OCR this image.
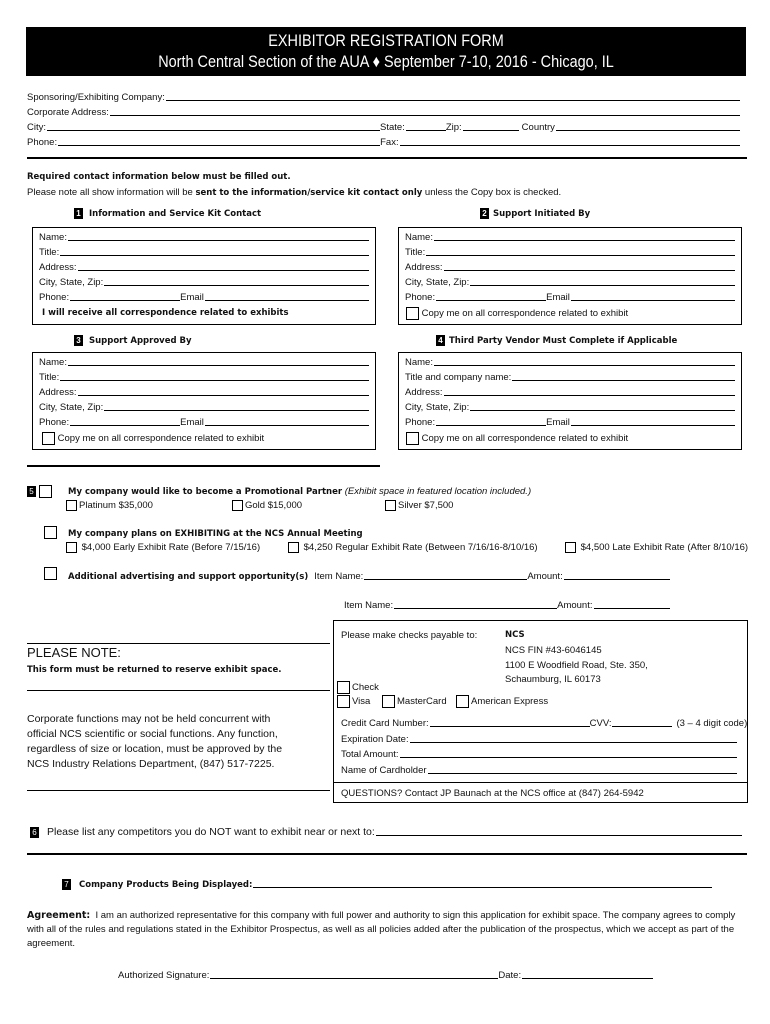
EXHIBITOR REGISTRATION FORM
North Central Section of the AUA ♦ September 7-10, 2016 - Chicago, IL
Sponsoring/Exhibiting Company:
Corporate Address:
City:	State:	Zip:	Country
Phone:	Fax:
Required contact information below must be filled out.
Please note all show information will be sent to the information/service kit contact only unless the Copy box is checked.
1 Information and Service Kit Contact
Name:
Title:
Address:
City, State, Zip:
Phone:	Email
I will receive all correspondence related to exhibits
2 Support Initiated By
Name:
Title:
Address:
City, State, Zip:
Phone:	Email
Copy me on all correspondence related to exhibit
3 Support Approved By
Name:
Title:
Address:
City, State, Zip:
Phone:	Email
Copy me on all correspondence related to exhibit
4 Third Party Vendor Must Complete if Applicable
Name:
Title and company name:
Address:
City, State, Zip:
Phone:	Email
Copy me on all correspondence related to exhibit
5	My company would like to become a Promotional Partner (Exhibit space in featured location included.)
Platinum $35,000	Gold $15,000	Silver $7,500
My company plans on EXHIBITING at the NCS Annual Meeting
$4,000 Early Exhibit Rate (Before 7/15/16)	$4,250 Regular Exhibit Rate (Between 7/16/16-8/10/16)	$4,500 Late Exhibit Rate (After 8/10/16)
Additional advertising and support opportunity(s) Item Name:	Amount:
Item Name:	Amount:
PLEASE NOTE:
This form must be returned to reserve exhibit space.
Corporate functions may not be held concurrent with
official NCS scientific or social functions. Any function,
regardless of size or location, must be approved by the
NCS Industry Relations Department, (847) 517-7225.
Please make checks payable to:	NCS
NCS FIN #43-6046145
1100 E Woodfield Road, Ste. 350,
Schaumburg, IL 60173
Check
Visa	MasterCard	American Express
Credit Card Number:	CVV:	(3 – 4 digit code)
Expiration Date:
Total Amount:
Name of Cardholder
QUESTIONS? Contact JP Baunach at the NCS office at (847) 264-5942
6 Please list any competitors you do NOT want to exhibit near or next to:
7 Company Products Being Displayed:
Agreement: I am an authorized representative for this company with full power and authority to sign this application for exhibit space. The company agrees to comply with all of the rules and regulations stated in the Exhibitor Prospectus, as well as all policies added after the publication of the prospectus, which we accept as part of the agreement.
Authorized Signature:	Date:
